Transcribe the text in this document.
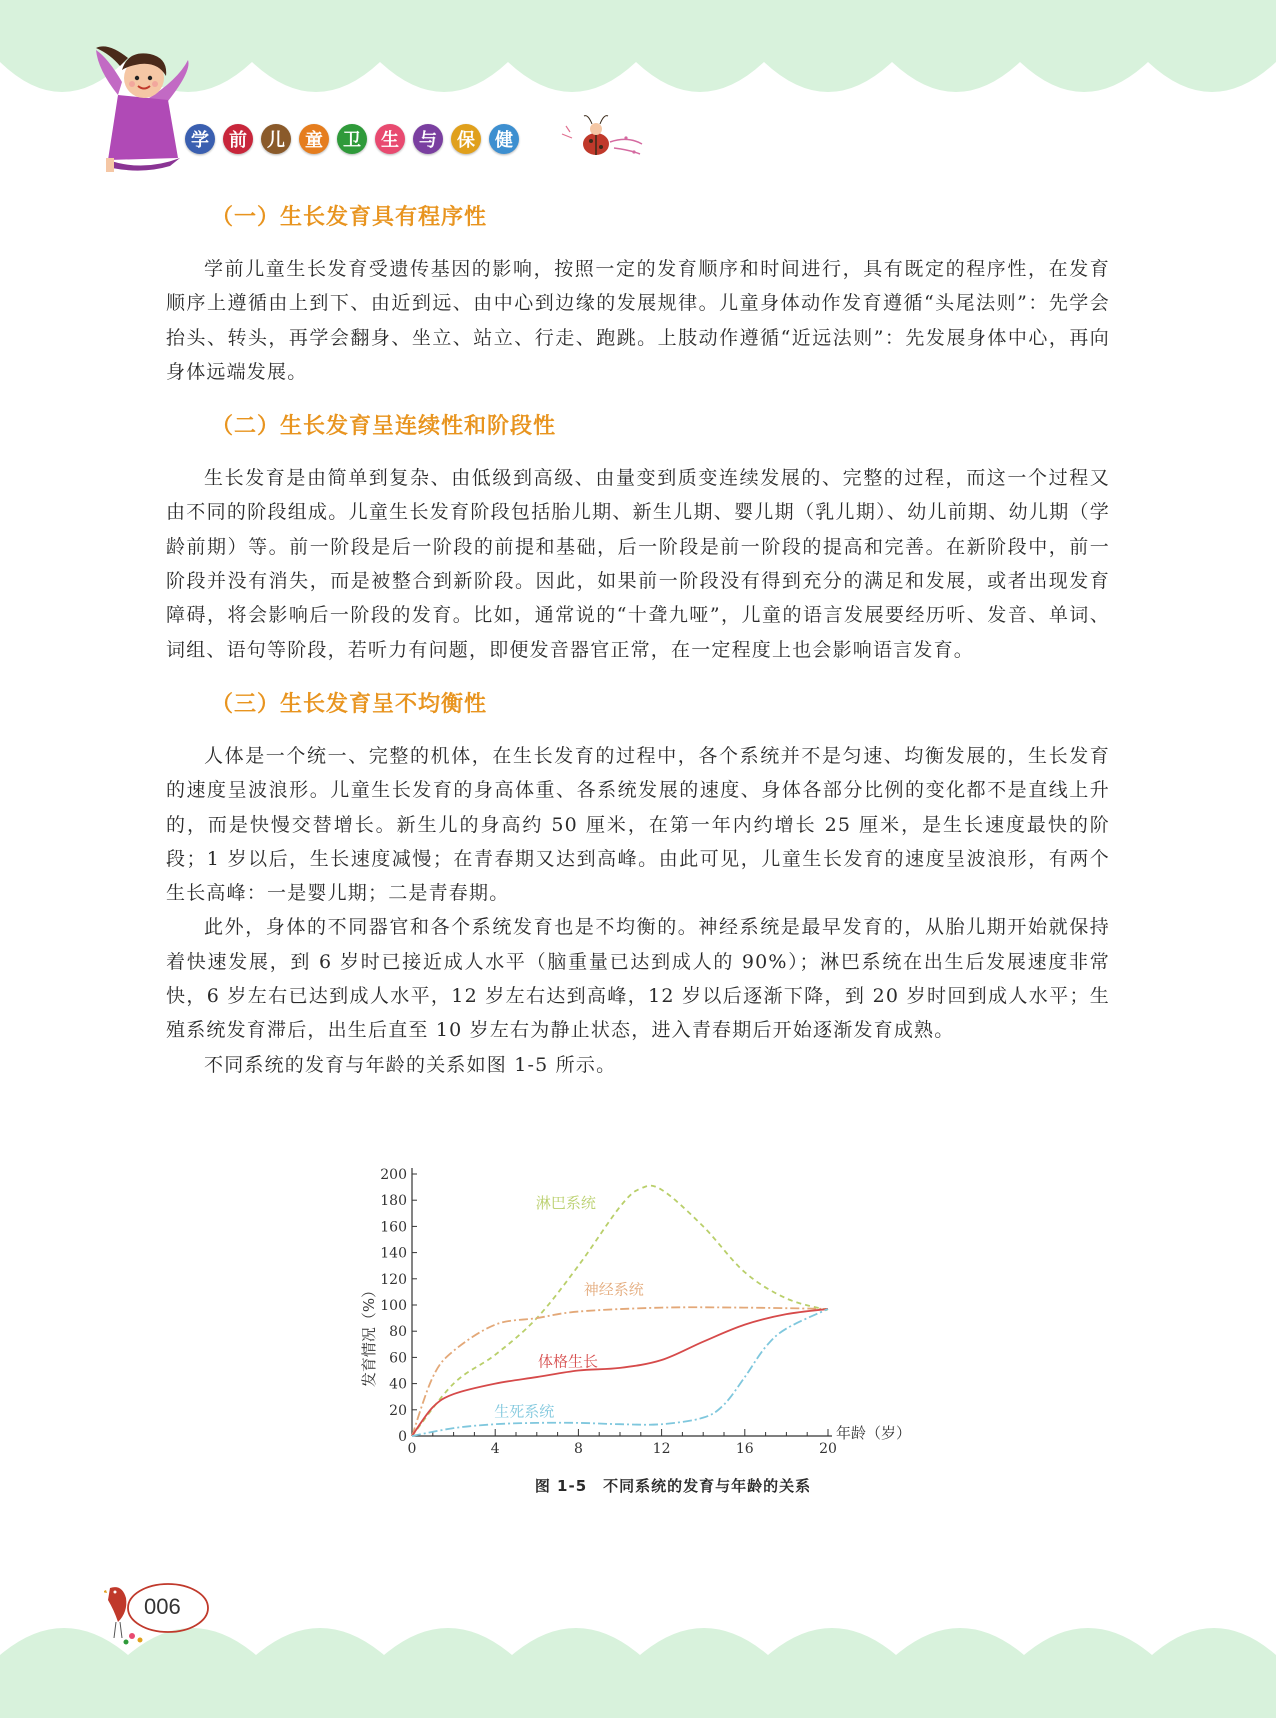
学	前	儿	童	卫	生	与	保	健
（一）生长发育具有程序性

学前儿童生长发育受遗传基因的影响，按照一定的发育顺序和时间进行，具有既定的程序性，在发育顺序上遵循由上到下、由近到远、由中心到边缘的发展规律。儿童身体动作发育遵循“头尾法则”：先学会抬头、转头，再学会翻身、坐立、站立、行走、跑跳。上肢动作遵循“近远法则”：先发展身体中心，再向身体远端发展。

（二）生长发育呈连续性和阶段性

生长发育是由简单到复杂、由低级到高级、由量变到质变连续发展的、完整的过程，而这一个过程又由不同的阶段组成。儿童生长发育阶段包括胎儿期、新生儿期、婴儿期（乳儿期）、幼儿前期、幼儿期（学龄前期）等。前一阶段是后一阶段的前提和基础，后一阶段是前一阶段的提高和完善。在新阶段中，前一阶段并没有消失，而是被整合到新阶段。因此，如果前一阶段没有得到充分的满足和发展，或者出现发育障碍，将会影响后一阶段的发育。比如，通常说的“十聋九哑”，儿童的语言发展要经历听、发音、单词、词组、语句等阶段，若听力有问题，即便发音器官正常，在一定程度上也会影响语言发育。

（三）生长发育呈不均衡性

人体是一个统一、完整的机体，在生长发育的过程中，各个系统并不是匀速、均衡发展的，生长发育的速度呈波浪形。儿童生长发育的身高体重、各系统发展的速度、身体各部分比例的变化都不是直线上升的，而是快慢交替增长。新生儿的身高约 50 厘米，在第一年内约增长 25 厘米，是生长速度最快的阶段；1 岁以后，生长速度减慢；在青春期又达到高峰。由此可见，儿童生长发育的速度呈波浪形，有两个生长高峰：一是婴儿期；二是青春期。

此外，身体的不同器官和各个系统发育也是不均衡的。神经系统是最早发育的，从胎儿期开始就保持着快速发展，到 6 岁时已接近成人水平（脑重量已达到成人的 90%）；淋巴系统在出生后发展速度非常快，6 岁左右已达到成人水平，12 岁左右达到高峰，12 岁以后逐渐下降，到 20 岁时回到成人水平；生殖系统发育滞后，出生后直至 10 岁左右为静止状态，进入青春期后开始逐渐发育成熟。

不同系统的发育与年龄的关系如图 1-5 所示。

0
20
40
60
80
100
120
140
160
180
200
0	4	8	12	16	20
年龄（岁）
发育情况（%）
淋巴系统
神经系统
体格生长
生死系统
图 1-5　不同系统的发育与年龄的关系
006
